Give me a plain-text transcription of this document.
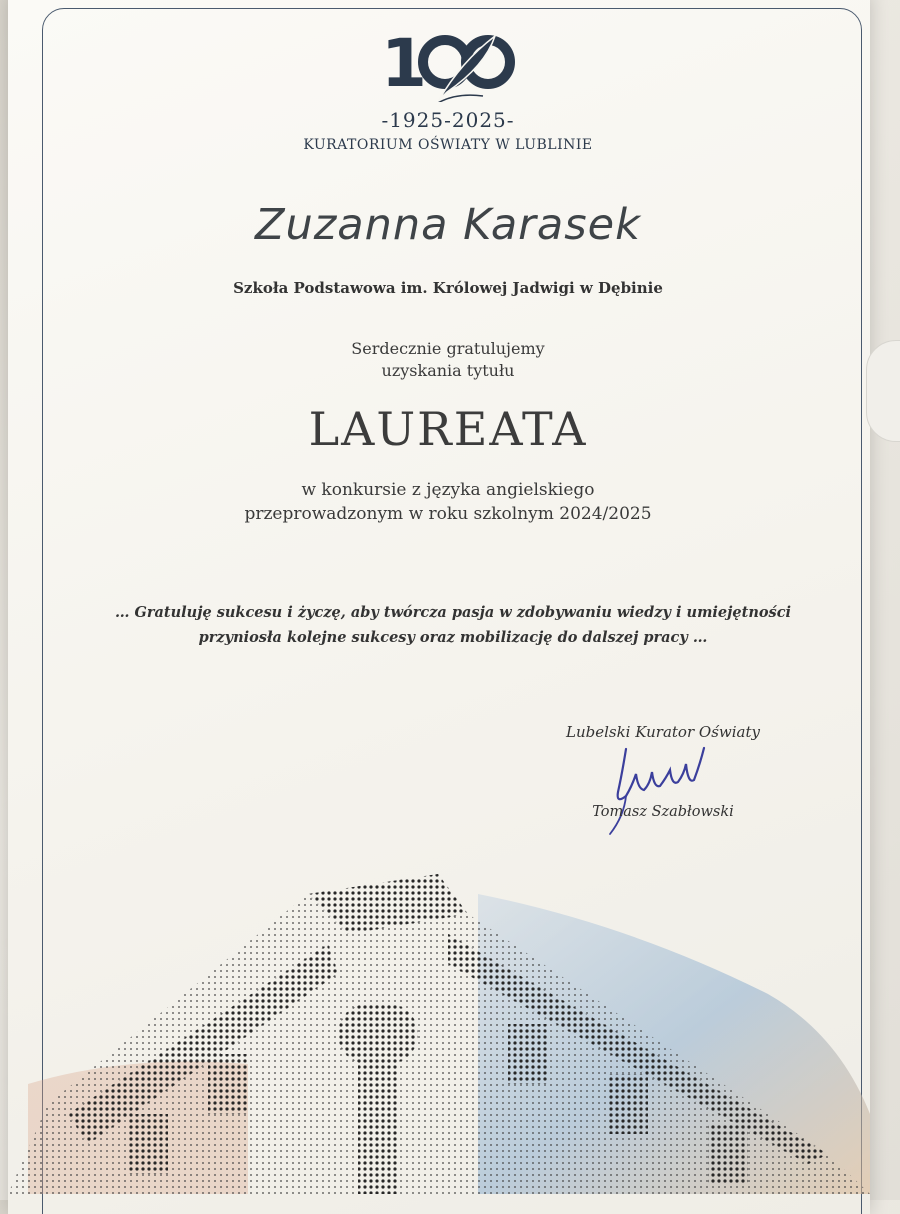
1
-1925-2025-
KURATORIUM OŚWIATY W LUBLINIE
Zuzanna Karasek
Szkoła Podstawowa im. Królowej Jadwigi w Dębinie
Serdecznie gratulujemy
uzyskania tytułu
LAUREATA
w konkursie z języka angielskiego
przeprowadzonym w roku szkolnym 2024/2025
… Gratuluję sukcesu i życzę, aby twórcza pasja w zdobywaniu wiedzy i umiejętności
przyniosła kolejne sukcesy oraz mobilizację do dalszej pracy …
Lubelski Kurator Oświaty
Tomasz Szabłowski
